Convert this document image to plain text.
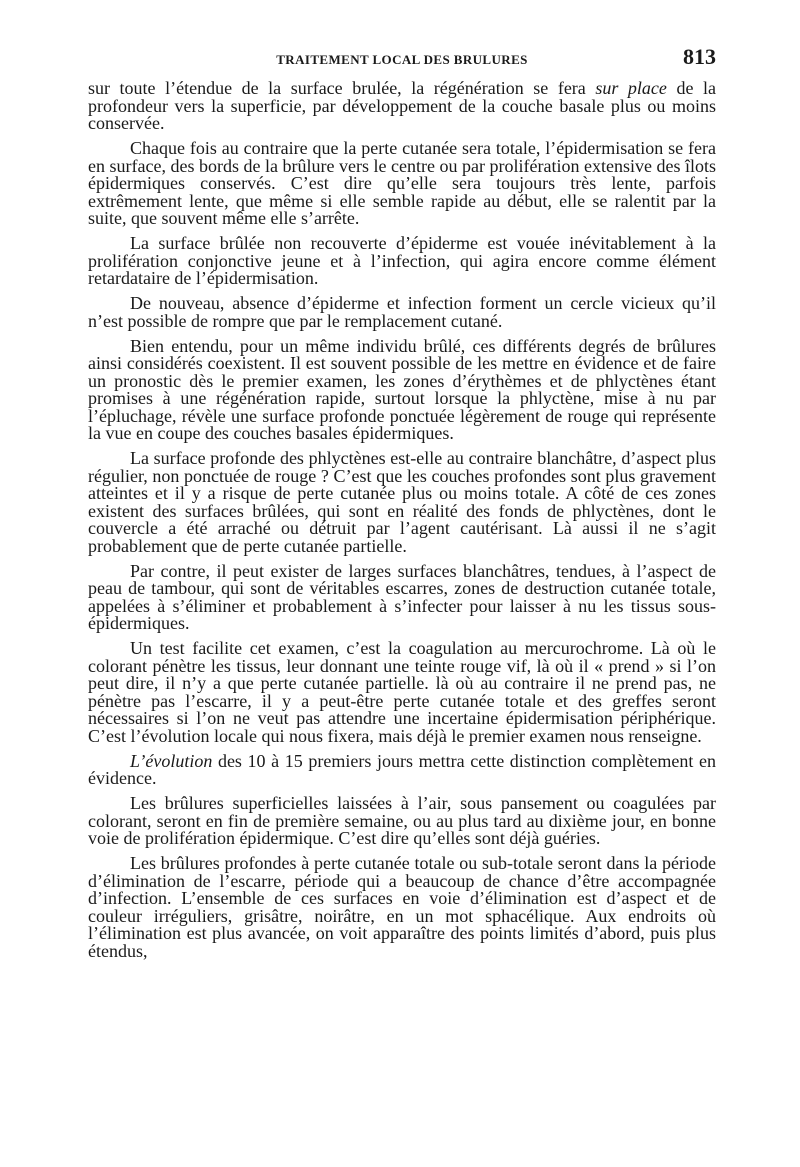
TRAITEMENT LOCAL DES BRULURES	813

sur toute l’étendue de la surface brulée, la régénération se fera sur place de la profondeur vers la superficie, par développement de la couche basale plus ou moins conservée.

Chaque fois au contraire que la perte cutanée sera totale, l’épidermisation se fera en surface, des bords de la brûlure vers le centre ou par prolifération extensive des îlots épidermiques conservés. C’est dire qu’elle sera toujours très lente, parfois extrêmement lente, que même si elle semble rapide au début, elle se ralentit par la suite, que souvent même elle s’arrête.

La surface brûlée non recouverte d’épiderme est vouée inévitablement à la prolifération conjonctive jeune et à l’infection, qui agira encore comme élément retardataire de l’épidermisation.

De nouveau, absence d’épiderme et infection forment un cercle vicieux qu’il n’est possible de rompre que par le remplacement cutané.

Bien entendu, pour un même individu brûlé, ces différents degrés de brûlures ainsi considérés coexistent. Il est souvent possible de les mettre en évidence et de faire un pronostic dès le premier examen, les zones d’érythèmes et de phlyctènes étant promises à une régénération rapide, surtout lorsque la phlyctène, mise à nu par l’épluchage, révèle une surface profonde ponctuée légèrement de rouge qui représente la vue en coupe des couches basales épidermiques.

La surface profonde des phlyctènes est-elle au contraire blanchâtre, d’aspect plus régulier, non ponctuée de rouge ? C’est que les couches profondes sont plus gravement atteintes et il y a risque de perte cutanée plus ou moins totale. A côté de ces zones existent des surfaces brûlées, qui sont en réalité des fonds de phlyctènes, dont le couvercle a été arraché ou détruit par l’agent cautérisant. Là aussi il ne s’agit probablement que de perte cutanée partielle.

Par contre, il peut exister de larges surfaces blanchâtres, tendues, à l’aspect de peau de tambour, qui sont de véritables escarres, zones de destruction cutanée totale, appelées à s’éliminer et probablement à s’infecter pour laisser à nu les tissus sous-épidermiques.

Un test facilite cet examen, c’est la coagulation au mercurochrome. Là où le colorant pénètre les tissus, leur donnant une teinte rouge vif, là où il « prend » si l’on peut dire, il n’y a que perte cutanée partielle. là où au contraire il ne prend pas, ne pénètre pas l’escarre, il y a peut-être perte cutanée totale et des greffes seront nécessaires si l’on ne veut pas attendre une incertaine épidermisation périphérique. C’est l’évolution locale qui nous fixera, mais déjà le premier examen nous renseigne.

L’évolution des 10 à 15 premiers jours mettra cette distinction complètement en évidence.

Les brûlures superficielles laissées à l’air, sous pansement ou coagulées par colorant, seront en fin de première semaine, ou au plus tard au dixième jour, en bonne voie de prolifération épidermique. C’est dire qu’elles sont déjà guéries.

Les brûlures profondes à perte cutanée totale ou sub-totale seront dans la période d’élimination de l’escarre, période qui a beaucoup de chance d’être accompagnée d’infection. L’ensemble de ces surfaces en voie d’élimination est d’aspect et de couleur irréguliers, grisâtre, noirâtre, en un mot sphacélique. Aux endroits où l’élimination est plus avancée, on voit apparaître des points limités d’abord, puis plus étendus,
